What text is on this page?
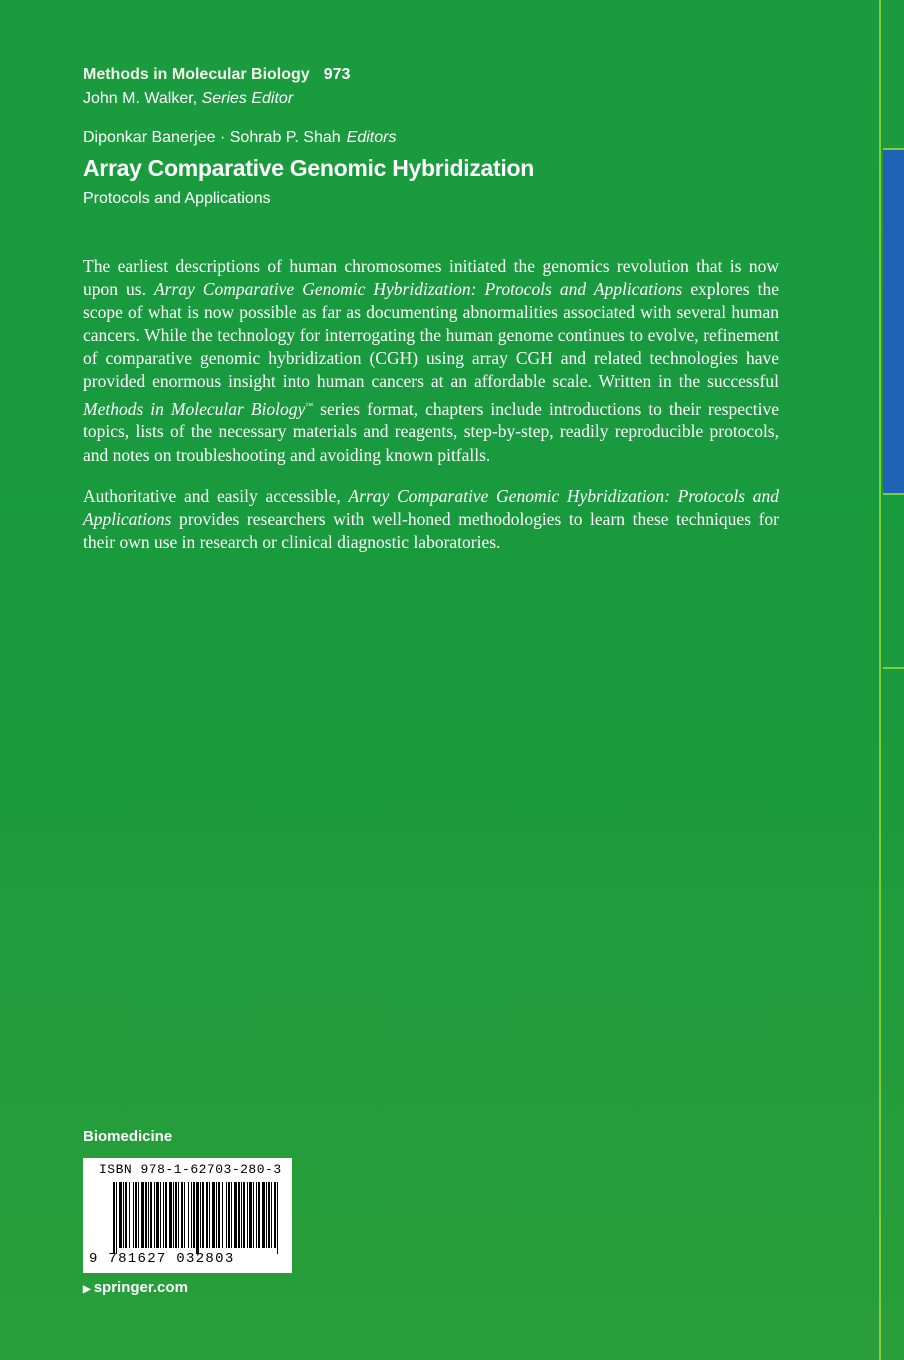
Methods in Molecular Biology 973
John M. Walker, Series Editor
Diponkar Banerjee · Sohrab P. Shah Editors
Array Comparative Genomic Hybridization
Protocols and Applications

The earliest descriptions of human chromosomes initiated the genomics revolution that is now upon us. Array Comparative Genomic Hybridization: Protocols and Applications explores the scope of what is now possible as far as documenting abnormalities associated with several human cancers. While the technology for interrogating the human genome continues to evolve, refinement of comparative genomic hybridization (CGH) using array CGH and related technologies have provided enormous insight into human cancers at an affordable scale. Written in the successful Methods in Molecular Biology™ series format, chapters include introductions to their respective topics, lists of the necessary materials and reagents, step-by-step, readily reproducible protocols, and notes on troubleshooting and avoiding known pitfalls.

Authoritative and easily accessible, Array Comparative Genomic Hybridization: Protocols and Applications provides researchers with well-honed methodologies to learn these techniques for their own use in research or clinical diagnostic laboratories.

Biomedicine
ISBN 978-1-62703-280-3
9 781627 032803
▶ springer.com
